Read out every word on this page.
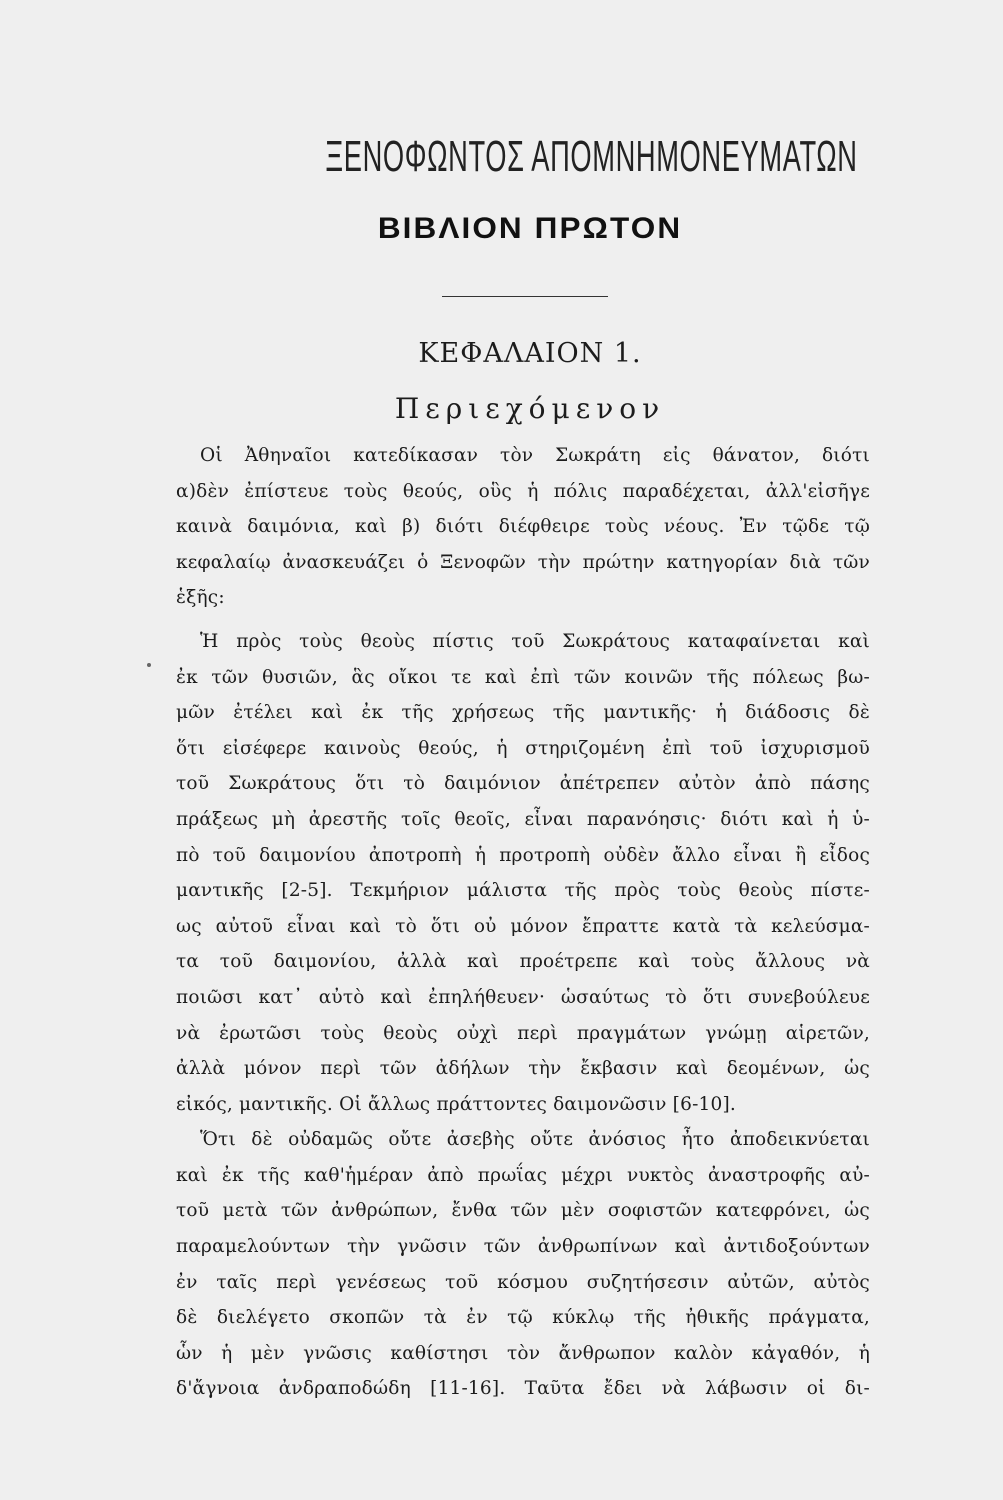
ΞΕΝΟΦΩΝΤΟΣ ΑΠΟΜΝΗΜΟΝΕΥΜΑΤΩΝ
ΒΙΒΛΙΟΝ ΠΡΩΤΟΝ
ΚΕΦΑΛΑΙΟΝ 1.
Περιεχόμενον
Οἱ Ἀθηναῖοι κατεδίκασαν τὸν Σωκράτη εἰς θάνατον, διότι
α)δὲν ἐπίστευε τοὺς θεούς, οὓς ἡ πόλις παραδέχεται, ἀλλ'εἰσῆγε
καινὰ δαιμόνια, καὶ β) διότι διέφθειρε τοὺς νέους. Ἐν τῷδε τῷ
κεφαλαίῳ ἀνασκευάζει ὁ Ξενοφῶν τὴν πρώτην κατηγορίαν διὰ τῶν
ἑξῆς:
Ἡ πρὸς τοὺς θεοὺς πίστις τοῦ Σωκράτους καταφαίνεται καὶ
ἐκ τῶν θυσιῶν, ἃς οἴκοι τε καὶ ἐπὶ τῶν κοινῶν τῆς πόλεως βω-
μῶν ἐτέλει καὶ ἐκ τῆς χρήσεως τῆς μαντικῆς· ἡ διάδοσις δὲ
ὅτι εἰσέφερε καινοὺς θεούς, ἡ στηριζομένη ἐπὶ τοῦ ἰσχυρισμοῦ
τοῦ Σωκράτους ὅτι τὸ δαιμόνιον ἀπέτρεπεν αὐτὸν ἀπὸ πάσης
πράξεως μὴ ἀρεστῆς τοῖς θεοῖς, εἶναι παρανόησις· διότι καὶ ἡ ὑ-
πὸ τοῦ δαιμονίου ἀποτροπὴ ἡ προτροπὴ οὐδὲν ἄλλο εἶναι ἢ εἶδος
μαντικῆς [2-5]. Τεκμήριον μάλιστα τῆς πρὸς τοὺς θεοὺς πίστε-
ως αὐτοῦ εἶναι καὶ τὸ ὅτι οὐ μόνον ἔπραττε κατὰ τὰ κελεύσμα-
τα τοῦ δαιμονίου, ἀλλὰ καὶ προέτρεπε καὶ τοὺς ἄλλους νὰ
ποιῶσι κατ᾽ αὐτὸ καὶ ἐπηλήθευεν· ὡσαύτως τὸ ὅτι συνεβούλευε
νὰ ἐρωτῶσι τοὺς θεοὺς οὐχὶ περὶ πραγμάτων γνώμῃ αἱρετῶν,
ἀλλὰ μόνον περὶ τῶν ἀδήλων τὴν ἔκβασιν καὶ δεομένων, ὡς
εἰκός, μαντικῆς. Οἱ ἄλλως πράττοντες δαιμονῶσιν [6-10].
Ὅτι δὲ οὐδαμῶς οὔτε ἀσεβὴς οὔτε ἀνόσιος ἦτο ἀποδεικνύεται
καὶ ἐκ τῆς καθ'ἡμέραν ἀπὸ πρωΐας μέχρι νυκτὸς ἀναστροφῆς αὐ-
τοῦ μετὰ τῶν ἀνθρώπων, ἔνθα τῶν μὲν σοφιστῶν κατεφρόνει, ὡς
παραμελούντων τὴν γνῶσιν τῶν ἀνθρωπίνων καὶ ἀντιδοξούντων
ἐν ταῖς περὶ γενέσεως τοῦ κόσμου συζητήσεσιν αὐτῶν, αὐτὸς
δὲ διελέγετο σκοπῶν τὰ ἐν τῷ κύκλῳ τῆς ἠθικῆς πράγματα,
ὧν ἡ μὲν γνῶσις καθίστησι τὸν ἄνθρωπον καλὸν κἀγαθόν, ἡ
δ'ἄγνοια ἀνδραποδώδη [11-16]. Ταῦτα ἔδει νὰ λάβωσιν οἱ δι-
